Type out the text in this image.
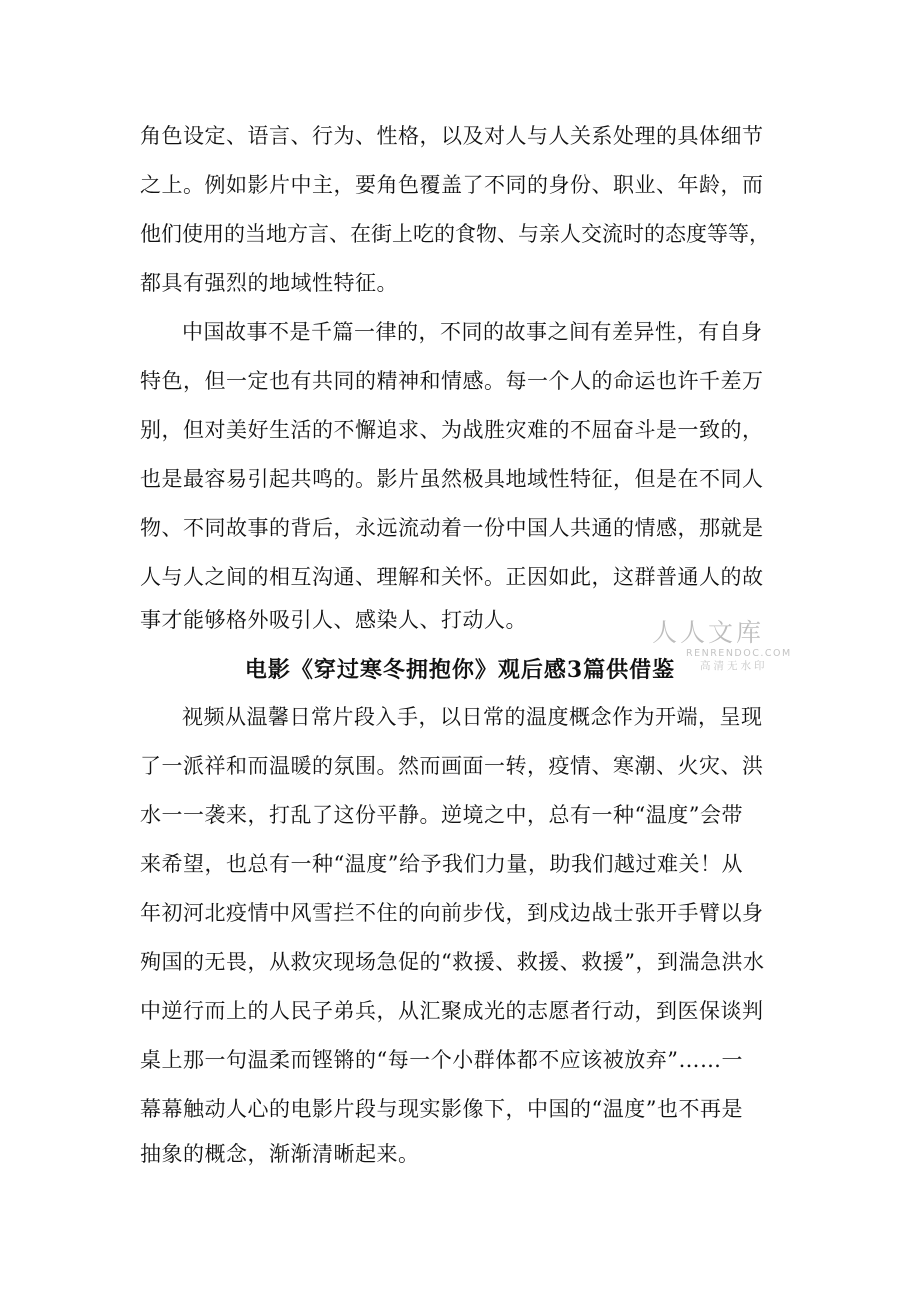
角色设定、语言、行为、性格，以及对人与人关系处理的具体细节
之上。例如影片中主，要角色覆盖了不同的身份、职业、年龄，而
他们使用的当地方言、在街上吃的食物、与亲人交流时的态度等等，
都具有强烈的地域性特征。
中国故事不是千篇一律的，不同的故事之间有差异性，有自身
特色，但一定也有共同的精神和情感。每一个人的命运也许千差万
别，但对美好生活的不懈追求、为战胜灾难的不屈奋斗是一致的，
也是最容易引起共鸣的。影片虽然极具地域性特征，但是在不同人
物、不同故事的背后，永远流动着一份中国人共通的情感，那就是
人与人之间的相互沟通、理解和关怀。正因如此，这群普通人的故
事才能够格外吸引人、感染人、打动人。	人人文库
RENRENDOC.COM
高清无水印
电影《穿过寒冬拥抱你》观后感3篇供借鉴
视频从温馨日常片段入手，以日常的温度概念作为开端，呈现
了一派祥和而温暖的氛围。然而画面一转，疫情、寒潮、火灾、洪
水一一袭来，打乱了这份平静。逆境之中，总有一种“温度”会带
来希望，也总有一种“温度”给予我们力量，助我们越过难关！从
年初河北疫情中风雪拦不住的向前步伐，到戍边战士张开手臂以身
殉国的无畏，从救灾现场急促的“救援、救援、救援”，到湍急洪水
中逆行而上的人民子弟兵，从汇聚成光的志愿者行动，到医保谈判
桌上那一句温柔而铿锵的“每一个小群体都不应该被放弃”……一
幕幕触动人心的电影片段与现实影像下，中国的“温度”也不再是
抽象的概念，渐渐清晰起来。
